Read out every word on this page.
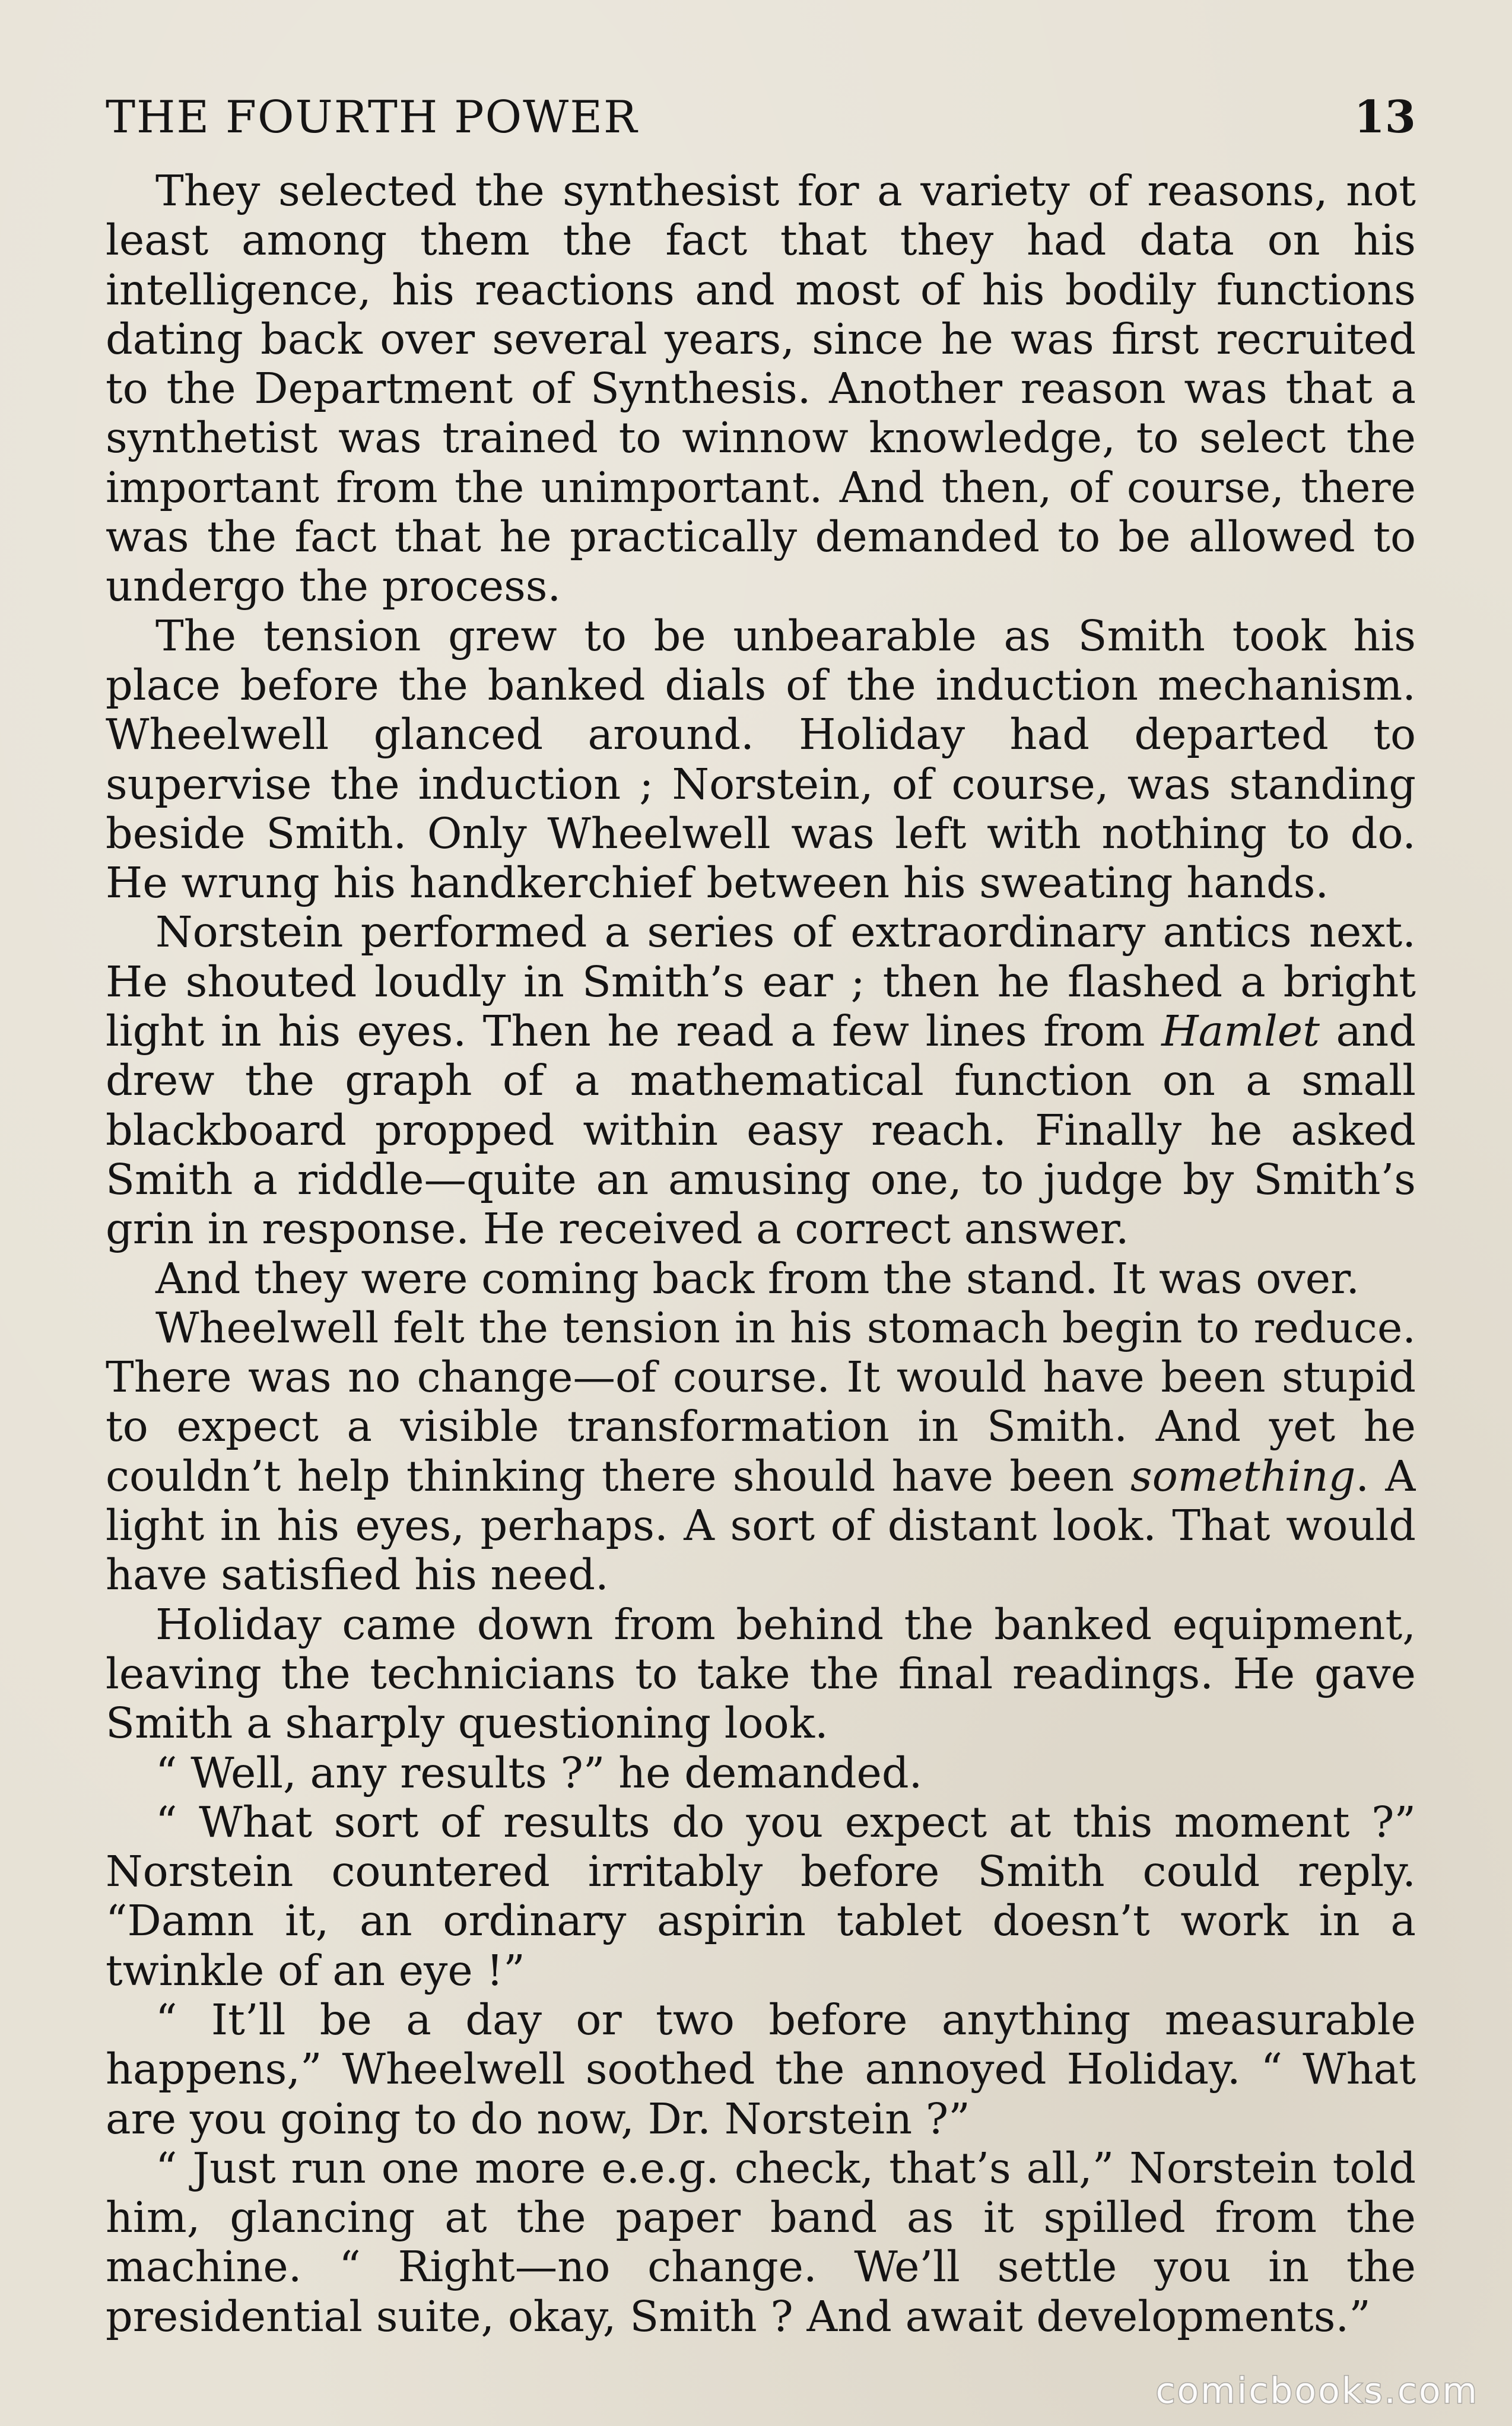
THE FOURTH POWER	13

They selected the synthesist for a variety of reasons, not least among them the fact that they had data on his intelligence, his reactions and most of his bodily functions dating back over several years, since he was first recruited to the Department of Synthesis. Another reason was that a synthetist was trained to winnow knowledge, to select the important from the unimportant. And then, of course, there was the fact that he practically demanded to be allowed to undergo the process.

The tension grew to be unbearable as Smith took his place before the banked dials of the induction mechanism. Wheelwell glanced around. Holiday had departed to supervise the induction ; Norstein, of course, was standing beside Smith. Only Wheelwell was left with nothing to do. He wrung his handkerchief between his sweating hands.

Norstein performed a series of extraordinary antics next. He shouted loudly in Smith’s ear ; then he flashed a bright light in his eyes. Then he read a few lines from Hamlet and drew the graph of a mathematical function on a small blackboard propped within easy reach. Finally he asked Smith a riddle—quite an amusing one, to judge by Smith’s grin in response. He received a correct answer.

And they were coming back from the stand. It was over.

Wheelwell felt the tension in his stomach begin to reduce. There was no change—of course. It would have been stupid to expect a visible transformation in Smith. And yet he couldn’t help thinking there should have been something. A light in his eyes, perhaps. A sort of distant look. That would have satisfied his need.

Holiday came down from behind the banked equipment, leaving the technicians to take the final readings. He gave Smith a sharply questioning look.

“ Well, any results ?” he demanded.

“ What sort of results do you expect at this moment ?” Norstein countered irritably before Smith could reply. “Damn it, an ordinary aspirin tablet doesn’t work in a twinkle of an eye !”

“ It’ll be a day or two before anything measurable happens,” Wheelwell soothed the annoyed Holiday. “ What are you going to do now, Dr. Norstein ?”

“ Just run one more e.e.g. check, that’s all,” Norstein told him, glancing at the paper band as it spilled from the machine. “ Right—no change. We’ll settle you in the presidential suite, okay, Smith ? And await developments.”

comicbooks.com
